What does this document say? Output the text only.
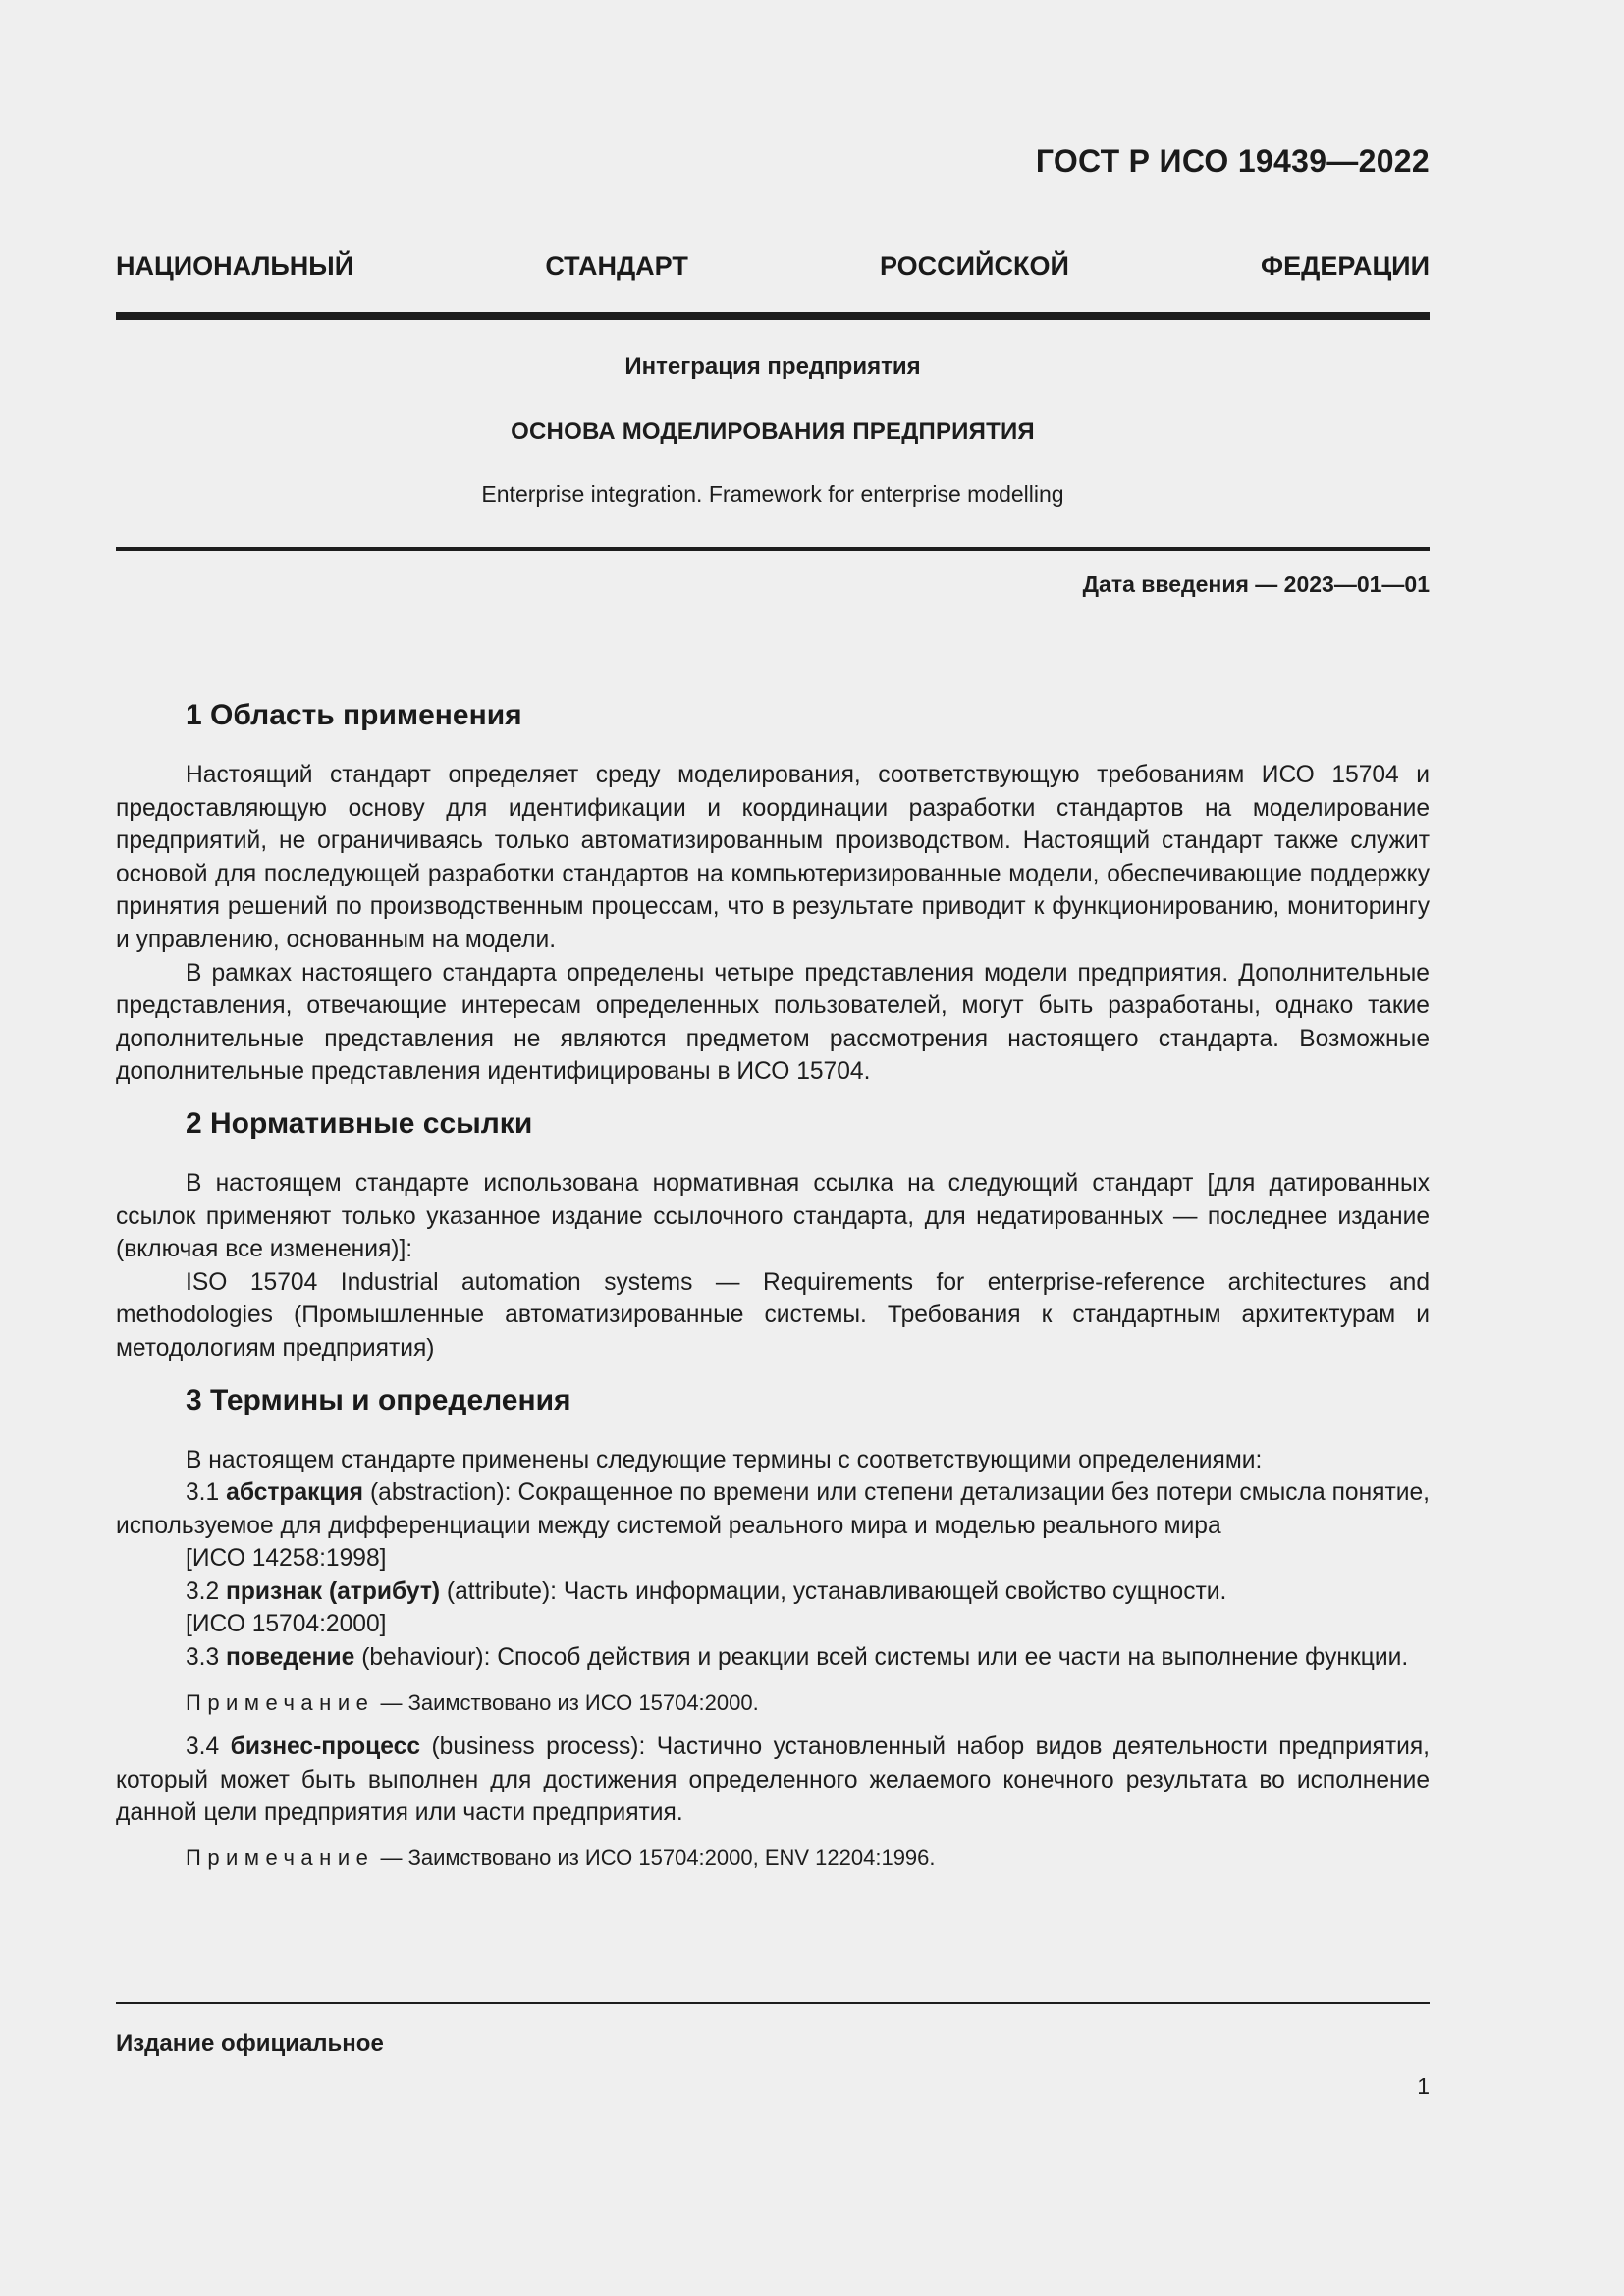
ГОСТ Р ИСО 19439—2022
НАЦИОНАЛЬНЫЙ	СТАНДАРТ	РОССИЙСКОЙ	ФЕДЕРАЦИИ
Интеграция предприятия
ОСНОВА МОДЕЛИРОВАНИЯ ПРЕДПРИЯТИЯ
Enterprise integration. Framework for enterprise modelling
Дата введения — 2023—01—01
1 Область применения

Настоящий стандарт определяет среду моделирования, соответствующую требованиям ИСО 15704 и предоставляющую основу для идентификации и координации разработки стандартов на моделирование предприятий, не ограничиваясь только автоматизированным производством. Настоящий стандарт также служит основой для последующей разработки стандартов на компьютеризированные модели, обеспечивающие поддержку принятия решений по производственным процессам, что в результате приводит к функционированию, мониторингу и управлению, основанным на модели.

В рамках настоящего стандарта определены четыре представления модели предприятия. Дополнительные представления, отвечающие интересам определенных пользователей, могут быть разработаны, однако такие дополнительные представления не являются предметом рассмотрения настоящего стандарта. Возможные дополнительные представления идентифицированы в ИСО 15704.

2 Нормативные ссылки

В настоящем стандарте использована нормативная ссылка на следующий стандарт [для датированных ссылок применяют только указанное издание ссылочного стандарта, для недатированных — последнее издание (включая все изменения)]:

ISO 15704 Industrial automation systems — Requirements for enterprise-reference architectures and methodologies (Промышленные автоматизированные системы. Требования к стандартным архитектурам и методологиям предприятия)

3 Термины и определения

В настоящем стандарте применены следующие термины с соответствующими определениями:

3.1 абстракция (abstraction): Сокращенное по времени или степени детализации без потери смысла понятие, используемое для дифференциации между системой реального мира и моделью реального мира

[ИСО 14258:1998]

3.2 признак (атрибут) (attribute): Часть информации, устанавливающей свойство сущности.

[ИСО 15704:2000]

3.3 поведение (behaviour): Способ действия и реакции всей системы или ее части на выполнение функции.

Примечание — Заимствовано из ИСО 15704:2000.

3.4 бизнес-процесс (business process): Частично установленный набор видов деятельности предприятия, который может быть выполнен для достижения определенного желаемого конечного результата во исполнение данной цели предприятия или части предприятия.

Примечание — Заимствовано из ИСО 15704:2000, ENV 12204:1996.

Издание официальное
1
